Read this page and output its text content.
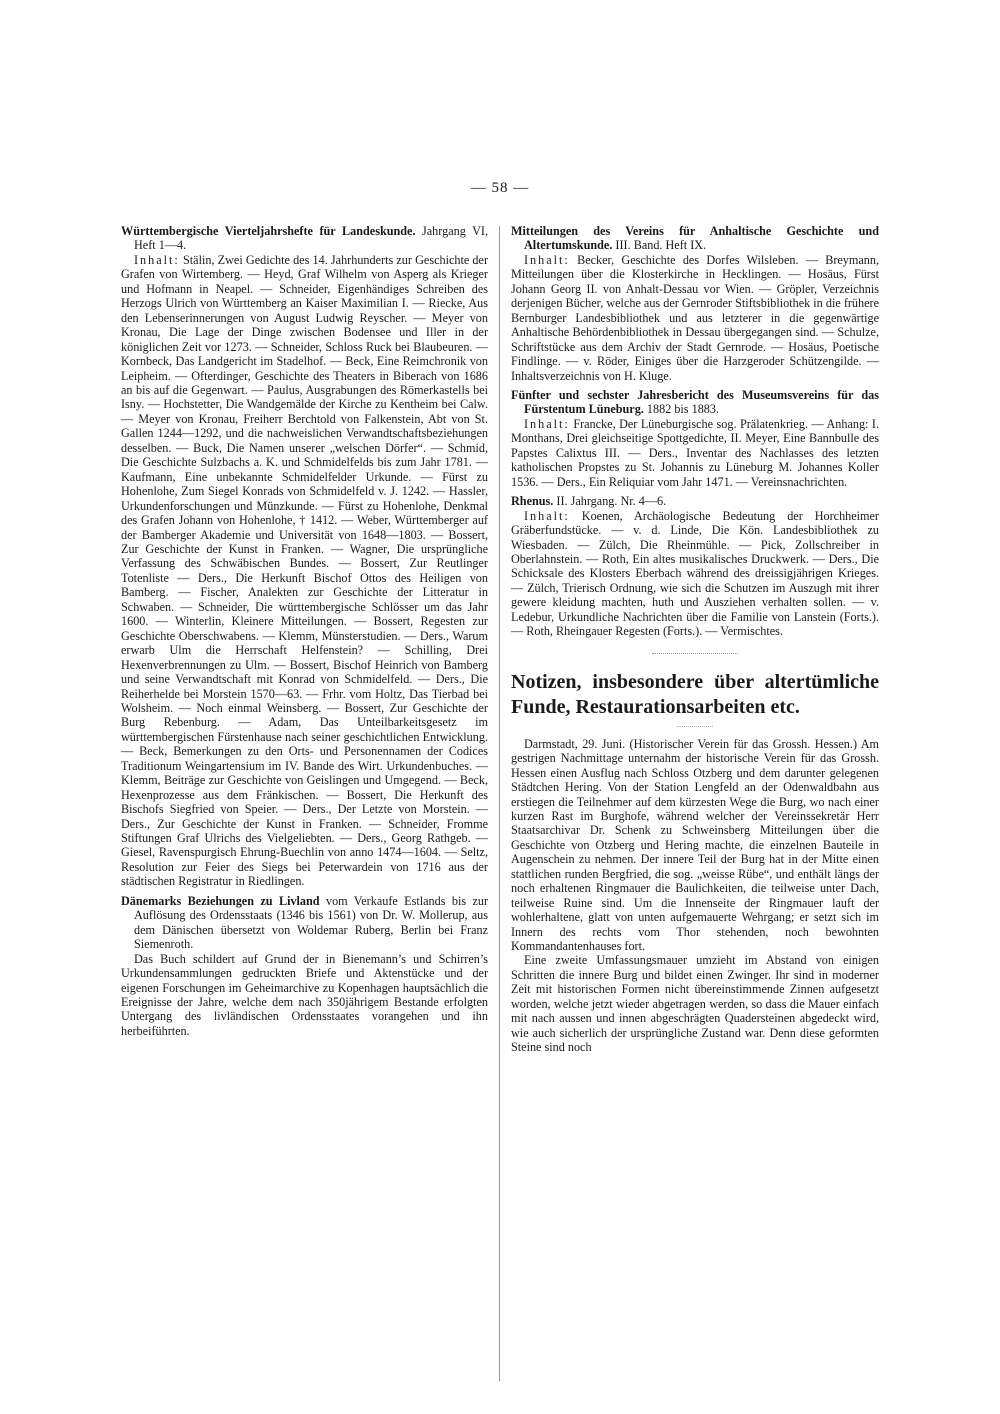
— 58 —

Württembergische Vierteljahrshefte für Landeskunde. Jahrgang VI, Heft 1—4.

Inhalt: Stälin, Zwei Gedichte des 14. Jahrhunderts zur Geschichte der Grafen von Wirtemberg. — Heyd, Graf Wilhelm von Asperg als Krieger und Hofmann in Neapel. — Schneider, Eigenhändiges Schreiben des Herzogs Ulrich von Württemberg an Kaiser Maximilian I. — Riecke, Aus den Lebenserinnerungen von August Ludwig Reyscher. — Meyer von Kronau, Die Lage der Dinge zwischen Bodensee und Iller in der königlichen Zeit vor 1273. — Schneider, Schloss Ruck bei Blaubeuren. — Kornbeck, Das Landgericht im Stadelhof. — Beck, Eine Reimchronik von Leipheim. — Ofterdinger, Geschichte des Theaters in Biberach von 1686 an bis auf die Gegenwart. — Paulus, Ausgrabungen des Römerkastells bei Isny. — Hochstetter, Die Wandgemälde der Kirche zu Kentheim bei Calw. — Meyer von Kronau, Freiherr Berchtold von Falkenstein, Abt von St. Gallen 1244—1292, und die nachweislichen Verwandtschaftsbeziehungen desselben. — Buck, Die Namen unserer „welschen Dörfer“. — Schmid, Die Geschichte Sulzbachs a. K. und Schmidelfelds bis zum Jahr 1781. — Kaufmann, Eine unbekannte Schmidelfelder Urkunde. — Fürst zu Hohenlohe, Zum Siegel Konrads von Schmidelfeld v. J. 1242. — Hassler, Urkundenforschungen und Münzkunde. — Fürst zu Hohenlohe, Denkmal des Grafen Johann von Hohenlohe, † 1412. — Weber, Württemberger auf der Bamberger Akademie und Universität von 1648—1803. — Bossert, Zur Geschichte der Kunst in Franken. — Wagner, Die ursprüngliche Verfassung des Schwäbischen Bundes. — Bossert, Zur Reutlinger Totenliste — Ders., Die Herkunft Bischof Ottos des Heiligen von Bamberg. — Fischer, Analekten zur Geschichte der Litteratur in Schwaben. — Schneider, Die württembergische Schlösser um das Jahr 1600. — Winterlin, Kleinere Mitteilungen. — Bossert, Regesten zur Geschichte Oberschwabens. — Klemm, Münsterstudien. — Ders., Warum erwarb Ulm die Herrschaft Helfenstein? — Schilling, Drei Hexenverbrennungen zu Ulm. — Bossert, Bischof Heinrich von Bamberg und seine Verwandtschaft mit Konrad von Schmidelfeld. — Ders., Die Reiherhelde bei Morstein 1570—63. — Frhr. vom Holtz, Das Tierbad bei Wolsheim. — Noch einmal Weinsberg. — Bossert, Zur Geschichte der Burg Rebenburg. — Adam, Das Unteilbarkeitsgesetz im württembergischen Fürstenhause nach seiner geschichtlichen Entwicklung. — Beck, Bemerkungen zu den Orts- und Personennamen der Codices Traditionum Weingartensium im IV. Bande des Wirt. Urkundenbuches. — Klemm, Beiträge zur Geschichte von Geislingen und Umgegend. — Beck, Hexenprozesse aus dem Fränkischen. — Bossert, Die Herkunft des Bischofs Siegfried von Speier. — Ders., Der Letzte von Morstein. — Ders., Zur Geschichte der Kunst in Franken. — Schneider, Fromme Stiftungen Graf Ulrichs des Vielgeliebten. — Ders., Georg Rathgeb. — Giesel, Ravenspurgisch Ehrung-Buechlin von anno 1474—1604. — Seltz, Resolution zur Feier des Siegs bei Peterwardein von 1716 aus der städtischen Registratur in Riedlingen.

Dänemarks Beziehungen zu Livland vom Verkaufe Estlands bis zur Auflösung des Ordensstaats (1346 bis 1561) von Dr. W. Mollerup, aus dem Dänischen übersetzt von Woldemar Ruberg, Berlin bei Franz Siemenroth.

Das Buch schildert auf Grund der in Bienemann’s und Schirren’s Urkundensammlungen gedruckten Briefe und Aktenstücke und der eigenen Forschungen im Geheimarchive zu Kopenhagen hauptsächlich die Ereignisse der Jahre, welche dem nach 350jährigem Bestande erfolgten Untergang des livländischen Ordensstaates vorangehen und ihn herbeiführten.

Mitteilungen des Vereins für Anhaltische Geschichte und Altertumskunde. III. Band. Heft IX.

Inhalt: Becker, Geschichte des Dorfes Wilsleben. — Breymann, Mitteilungen über die Klosterkirche in Hecklingen. — Hosäus, Fürst Johann Georg II. von Anhalt-Dessau vor Wien. — Gröpler, Verzeichnis derjenigen Bücher, welche aus der Gernroder Stiftsbibliothek in die frühere Bernburger Landesbibliothek und aus letzterer in die gegenwärtige Anhaltische Behördenbibliothek in Dessau übergegangen sind. — Schulze, Schriftstücke aus dem Archiv der Stadt Gernrode. — Hosäus, Poetische Findlinge. — v. Röder, Einiges über die Harzgeroder Schützengilde. — Inhaltsverzeichnis von H. Kluge.

Fünfter und sechster Jahresbericht des Museumsvereins für das Fürstentum Lüneburg. 1882 bis 1883.

Inhalt: Francke, Der Lüneburgische sog. Prälatenkrieg. — Anhang: I. Monthans, Drei gleichseitige Spottgedichte, II. Meyer, Eine Bannbulle des Papstes Calixtus III. — Ders., Inventar des Nachlasses des letzten katholischen Propstes zu St. Johannis zu Lüneburg M. Johannes Koller 1536. — Ders., Ein Reliquiar vom Jahr 1471. — Vereinsnachrichten.

Rhenus. II. Jahrgang. Nr. 4—6.

Inhalt: Koenen, Archäologische Bedeutung der Horchheimer Gräberfundstücke. — v. d. Linde, Die Kön. Landesbibliothek zu Wiesbaden. — Zülch, Die Rheinmühle. — Pick, Zollschreiber in Oberlahnstein. — Roth, Ein altes musikalisches Druckwerk. — Ders., Die Schicksale des Klosters Eberbach während des dreissigjährigen Krieges. — Zülch, Trierisch Ordnung, wie sich die Schutzen im Auszugh mit ihrer gewere kleidung machten, huth und Ausziehen verhalten sollen. — v. Ledebur, Urkundliche Nachrichten über die Familie von Lanstein (Forts.). — Roth, Rheingauer Regesten (Forts.). — Vermischtes.

Notizen, insbesondere über altertümliche Funde, Restaurationsarbeiten etc.

Darmstadt, 29. Juni. (Historischer Verein für das Grossh. Hessen.) Am gestrigen Nachmittage unternahm der historische Verein für das Grossh. Hessen einen Ausflug nach Schloss Otzberg und dem darunter gelegenen Städtchen Hering. Von der Station Lengfeld an der Odenwaldbahn aus erstiegen die Teilnehmer auf dem kürzesten Wege die Burg, wo nach einer kurzen Rast im Burghofe, während welcher der Vereinssekretär Herr Staatsarchivar Dr. Schenk zu Schweinsberg Mitteilungen über die Geschichte von Otzberg und Hering machte, die einzelnen Bauteile in Augenschein zu nehmen. Der innere Teil der Burg hat in der Mitte einen stattlichen runden Bergfried, die sog. „weisse Rübe“, und enthält längs der noch erhaltenen Ringmauer die Baulichkeiten, die teilweise unter Dach, teilweise Ruine sind. Um die Innenseite der Ringmauer lauft der wohlerhaltene, glatt von unten aufgemauerte Wehrgang; er setzt sich im Innern des rechts vom Thor stehenden, noch bewohnten Kommandantenhauses fort.

Eine zweite Umfassungsmauer umzieht im Abstand von einigen Schritten die innere Burg und bildet einen Zwinger. Ihr sind in moderner Zeit mit historischen Formen nicht übereinstimmende Zinnen aufgesetzt worden, welche jetzt wieder abgetragen werden, so dass die Mauer einfach mit nach aussen und innen abgeschrägten Quadersteinen abgedeckt wird, wie auch sicherlich der ursprüngliche Zustand war. Denn diese geformten Steine sind noch
